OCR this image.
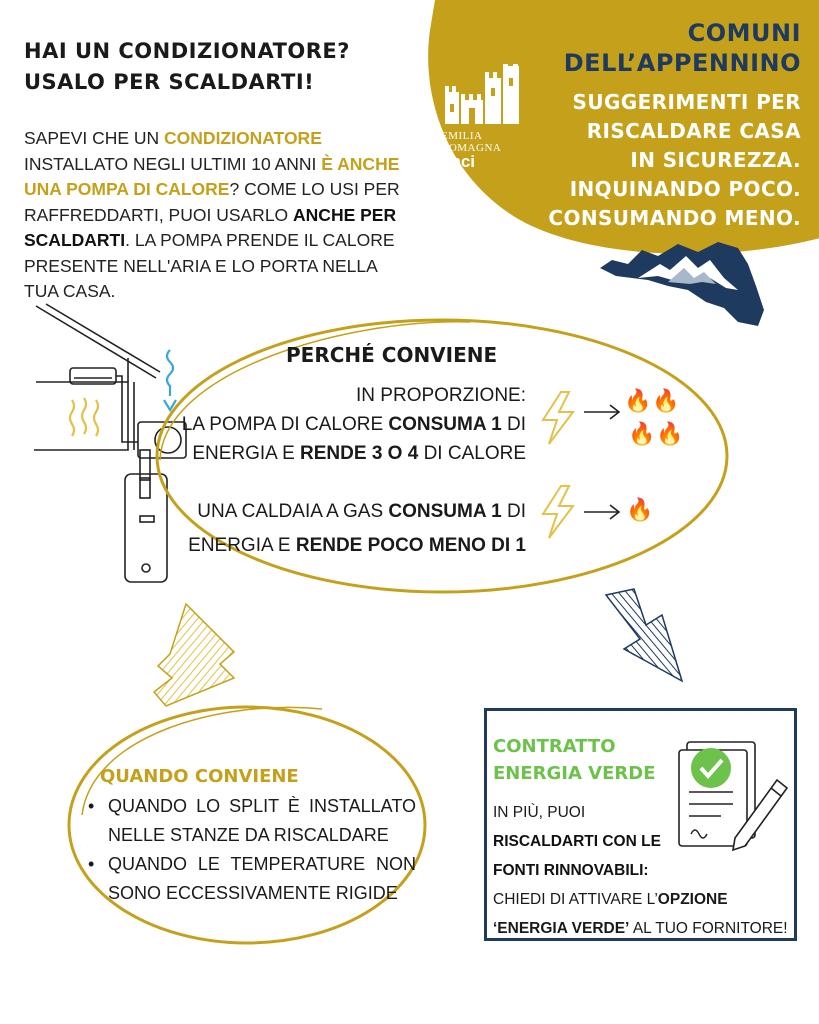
HAI UN CONDIZIONATORE?
USALO PER SCALDARTI!
SAPEVI CHE UN CONDIZIONATORE INSTALLATO NEGLI ULTIMI 10 ANNI È ANCHE UNA POMPA DI CALORE? COME LO USI PER RAFFREDDARTI, PUOI USARLO ANCHE PER SCALDARTI. LA POMPA PRENDE IL CALORE PRESENTE NELL'ARIA E LO PORTA NELLA TUA CASA.
EMILIA
ROMAGNA
anci
COMUNI
DELL’APPENNINO
SUGGERIMENTI PER
RISCALDARE CASA
IN SICUREZZA.
INQUINANDO POCO.
CONSUMANDO MENO.
PERCHÉ CONVIENE
IN PROPORZIONE:
LA POMPA DI CALORE CONSUMA 1 DI
ENERGIA E RENDE 3 O 4 DI CALORE
UNA CALDAIA A GAS CONSUMA 1 DI
ENERGIA E RENDE POCO MENO DI 1
🔥 🔥
🔥 🔥
🔥
QUANDO CONVIENE
• QUANDO LO SPLIT È INSTALLATO NELLE STANZE DA RISCALDARE
• QUANDO LE TEMPERATURE NON SONO ECCESSIVAMENTE RIGIDE
CONTRATTO
ENERGIA VERDE
IN PIÙ, PUOI
RISCALDARTI CON LE
FONTI RINNOVABILI:
CHIEDI DI ATTIVARE L’OPZIONE
‘ENERGIA VERDE’ AL TUO FORNITORE!
